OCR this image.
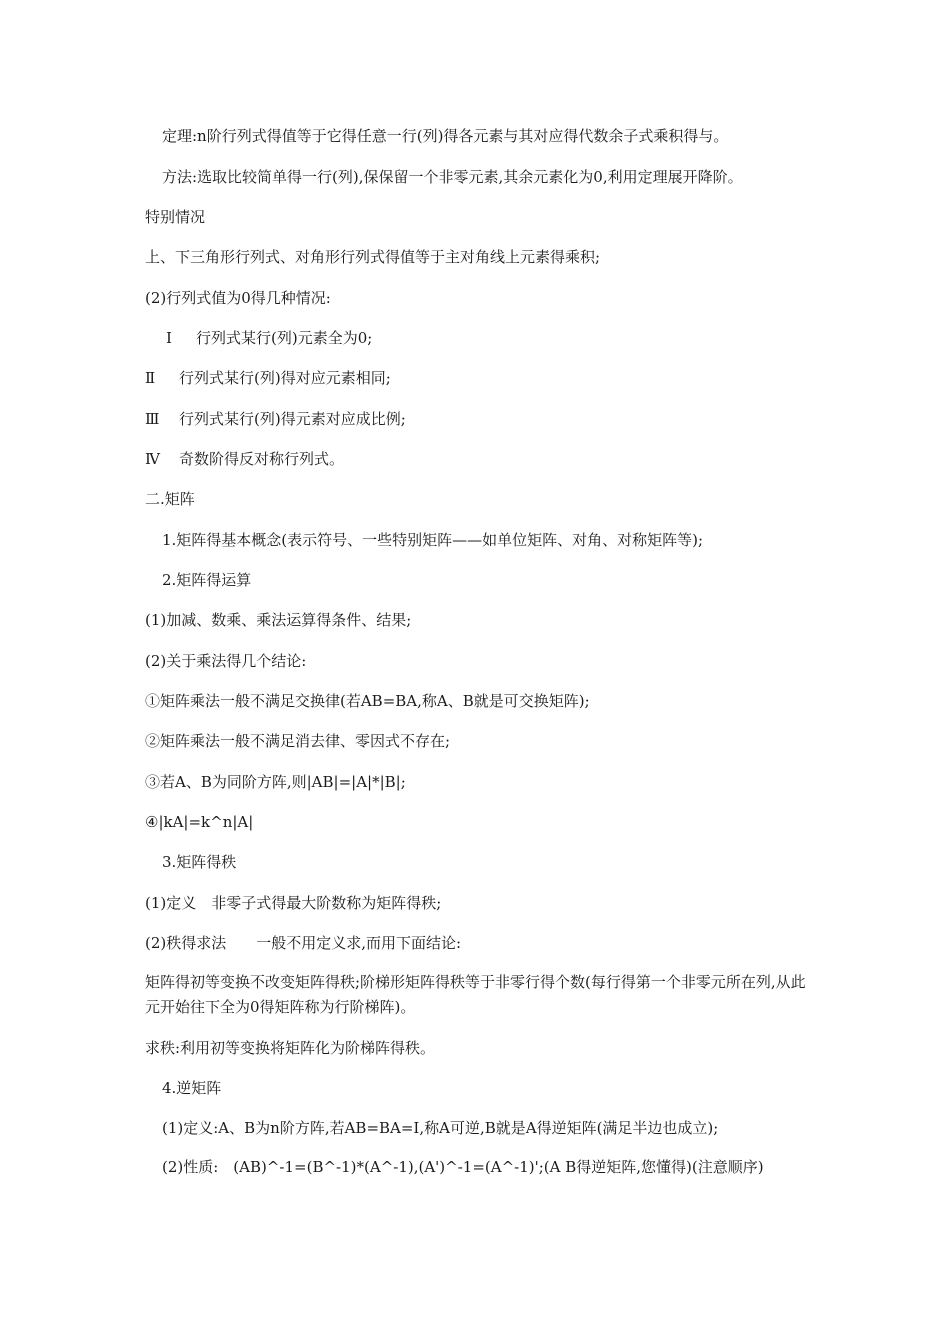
定理:n阶行列式得值等于它得任意一行(列)得各元素与其对应得代数余子式乘积得与。
方法:选取比较简单得一行(列),保保留一个非零元素,其余元素化为0,利用定理展开降阶。
特别情况
上、下三角形行列式、对角形行列式得值等于主对角线上元素得乘积;
(2)行列式值为0得几种情况:
Ⅰ 行列式某行(列)元素全为0;
Ⅱ 行列式某行(列)得对应元素相同;
Ⅲ 行列式某行(列)得元素对应成比例;
Ⅳ 奇数阶得反对称行列式。
二.矩阵
1.矩阵得基本概念(表示符号、一些特别矩阵——如单位矩阵、对角、对称矩阵等);
2.矩阵得运算
(1)加减、数乘、乘法运算得条件、结果;
(2)关于乘法得几个结论:
①矩阵乘法一般不满足交换律(若AB=BA,称A、B就是可交换矩阵);
②矩阵乘法一般不满足消去律、零因式不存在;
③若A、B为同阶方阵,则|AB|=|A|*|B|;
④|kA|=k^n|A|
3.矩阵得秩
(1)定义　非零子式得最大阶数称为矩阵得秩;
(2)秩得求法　　一般不用定义求,而用下面结论:
矩阵得初等变换不改变矩阵得秩;阶梯形矩阵得秩等于非零行得个数(每行得第一个非零元所在列,从此元开始往下全为0得矩阵称为行阶梯阵)。
求秩:利用初等变换将矩阵化为阶梯阵得秩。
4.逆矩阵
(1)定义:A、B为n阶方阵,若AB=BA=I,称A可逆,B就是A得逆矩阵(满足半边也成立);
(2)性质:　(AB)^-1=(B^-1)*(A^-1),(A')^-1=(A^-1)';(A B得逆矩阵,您懂得)(注意顺序)
